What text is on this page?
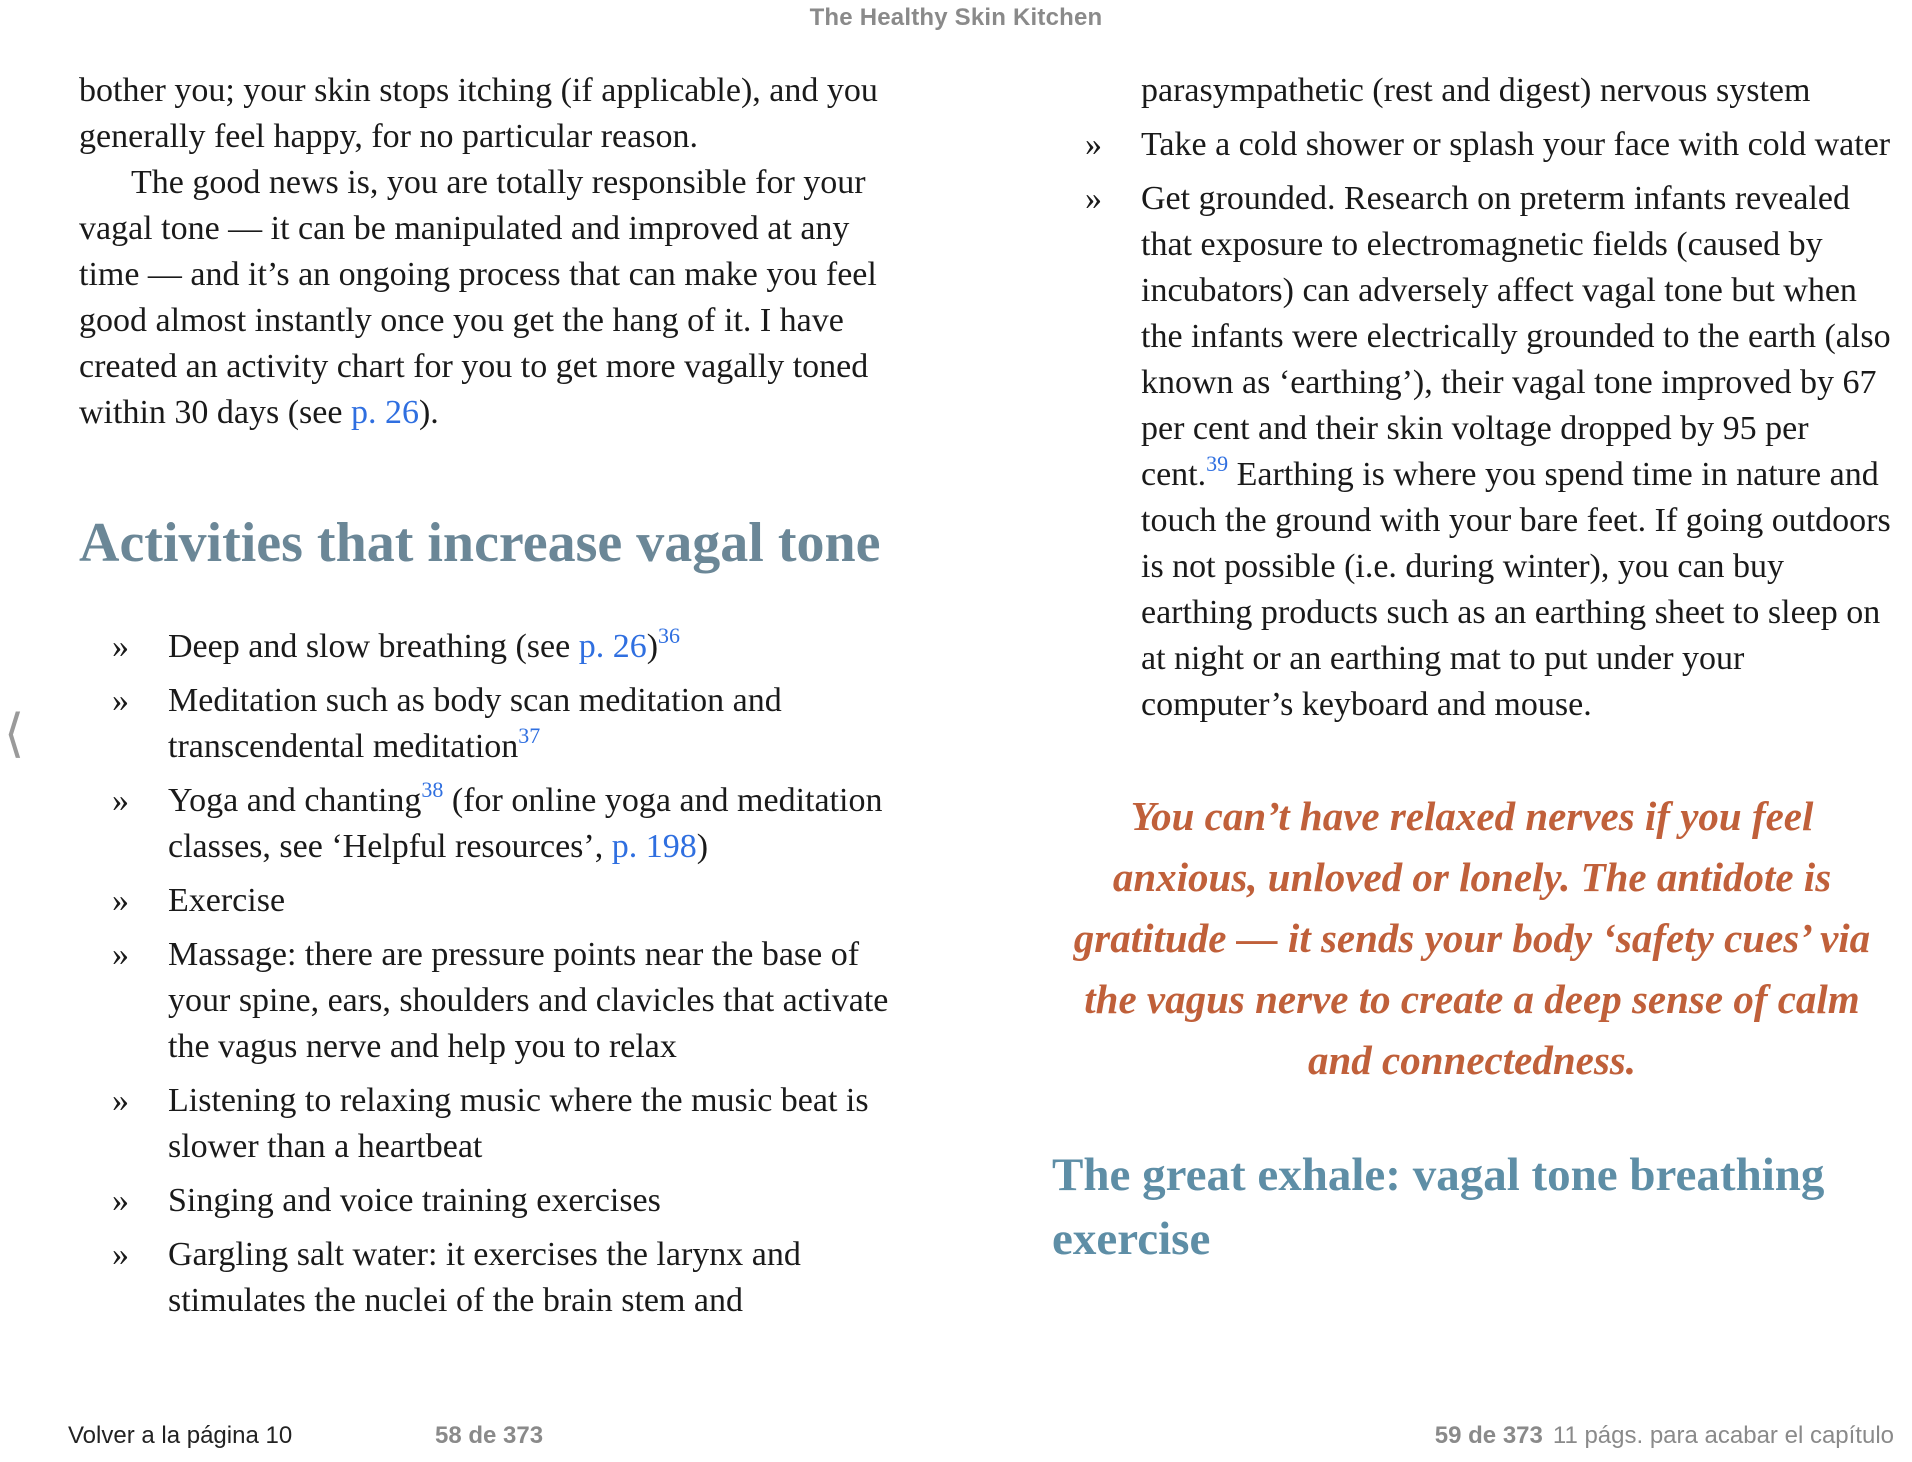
The Healthy Skin Kitchen
⟨

bother you; your skin stops itching (if applicable), and you generally feel happy, for no particular reason.

The good news is, you are totally responsible for your vagal tone — it can be manipulated and improved at any time — and it’s an ongoing process that can make you feel good almost instantly once you get the hang of it. I have created an activity chart for you to get more vagally toned within 30 days (see p. 26).

Activities that increase vagal tone
» Deep and slow breathing (see p. 26)$^{36}$
» Meditation such as body scan meditation and transcendental meditation$^{37}$
» Yoga and chanting$^{38}$ (for online yoga and meditation classes, see ‘Helpful resources’, p. 198)
» Exercise
» Massage: there are pressure points near the base of your spine, ears, shoulders and clavicles that activate the vagus nerve and help you to relax
» Listening to relaxing music where the music beat is slower than a heartbeat
» Singing and voice training exercises
» Gargling salt water: it exercises the larynx and stimulates the nuclei of the brain stem and

parasympathetic (rest and digest) nervous system

» Take a cold shower or splash your face with cold water
» Get grounded. Research on preterm infants revealed that exposure to electromagnetic fields (caused by incubators) can adversely affect vagal tone but when the infants were electrically grounded to the earth (also known as ‘earthing’), their vagal tone improved by 67 per cent and their skin voltage dropped by 95 per cent.$^{39}$ Earthing is where you spend time in nature and touch the ground with your bare feet. If going outdoors is not possible (i.e. during winter), you can buy earthing products such as an earthing sheet to sleep on at night or an earthing mat to put under your computer’s keyboard and mouse.
You can’t have relaxed nerves if you feel anxious, unloved or lonely. The antidote is gratitude — it sends your body ‘safety cues’ via the vagus nerve to create a deep sense of calm and connectedness.
The great exhale: vagal tone breathing exercise
Volver a la página 10	58 de 373	59 de 373 11 págs. para acabar el capítulo
